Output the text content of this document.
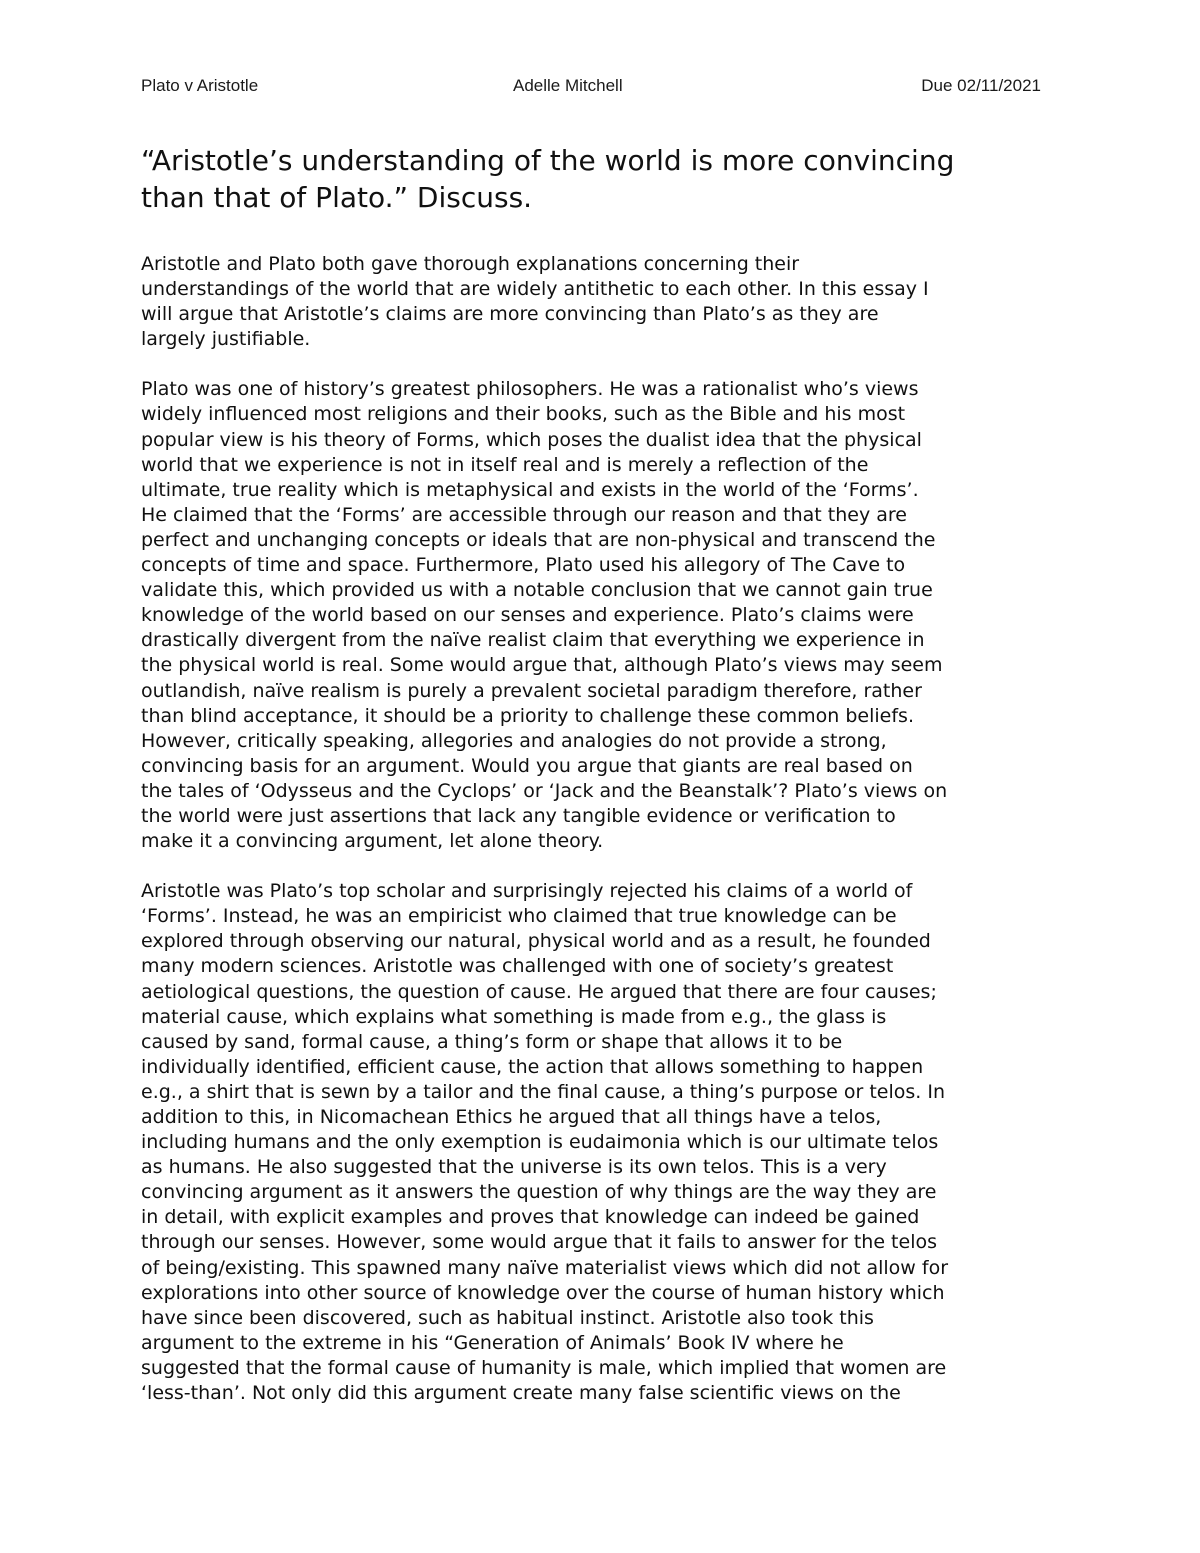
Plato v Aristotle	Adelle Mitchell	Due 02/11/2021
“Aristotle’s understanding of the world is more convincing
than that of Plato.” Discuss.

Aristotle and Plato both gave thorough explanations concerning their
understandings of the world that are widely antithetic to each other. In this essay I
will argue that Aristotle’s claims are more convincing than Plato’s as they are
largely justifiable.

Plato was one of history’s greatest philosophers. He was a rationalist who’s views
widely influenced most religions and their books, such as the Bible and his most
popular view is his theory of Forms, which poses the dualist idea that the physical
world that we experience is not in itself real and is merely a reflection of the
ultimate, true reality which is metaphysical and exists in the world of the ‘Forms’.
He claimed that the ‘Forms’ are accessible through our reason and that they are
perfect and unchanging concepts or ideals that are non-physical and transcend the
concepts of time and space. Furthermore, Plato used his allegory of The Cave to
validate this, which provided us with a notable conclusion that we cannot gain true
knowledge of the world based on our senses and experience. Plato’s claims were
drastically divergent from the naïve realist claim that everything we experience in
the physical world is real. Some would argue that, although Plato’s views may seem
outlandish, naïve realism is purely a prevalent societal paradigm therefore, rather
than blind acceptance, it should be a priority to challenge these common beliefs.
However, critically speaking, allegories and analogies do not provide a strong,
convincing basis for an argument. Would you argue that giants are real based on
the tales of ‘Odysseus and the Cyclops’ or ‘Jack and the Beanstalk’? Plato’s views on
the world were just assertions that lack any tangible evidence or verification to
make it a convincing argument, let alone theory.

Aristotle was Plato’s top scholar and surprisingly rejected his claims of a world of
‘Forms’. Instead, he was an empiricist who claimed that true knowledge can be
explored through observing our natural, physical world and as a result, he founded
many modern sciences. Aristotle was challenged with one of society’s greatest
aetiological questions, the question of cause. He argued that there are four causes;
material cause, which explains what something is made from e.g., the glass is
caused by sand, formal cause, a thing’s form or shape that allows it to be
individually identified, efficient cause, the action that allows something to happen
e.g., a shirt that is sewn by a tailor and the final cause, a thing’s purpose or telos. In
addition to this, in Nicomachean Ethics he argued that all things have a telos,
including humans and the only exemption is eudaimonia which is our ultimate telos
as humans. He also suggested that the universe is its own telos. This is a very
convincing argument as it answers the question of why things are the way they are
in detail, with explicit examples and proves that knowledge can indeed be gained
through our senses. However, some would argue that it fails to answer for the telos
of being/existing. This spawned many naïve materialist views which did not allow for
explorations into other source of knowledge over the course of human history which
have since been discovered, such as habitual instinct. Aristotle also took this
argument to the extreme in his “Generation of Animals’ Book IV where he
suggested that the formal cause of humanity is male, which implied that women are
‘less-than’. Not only did this argument create many false scientific views on the
